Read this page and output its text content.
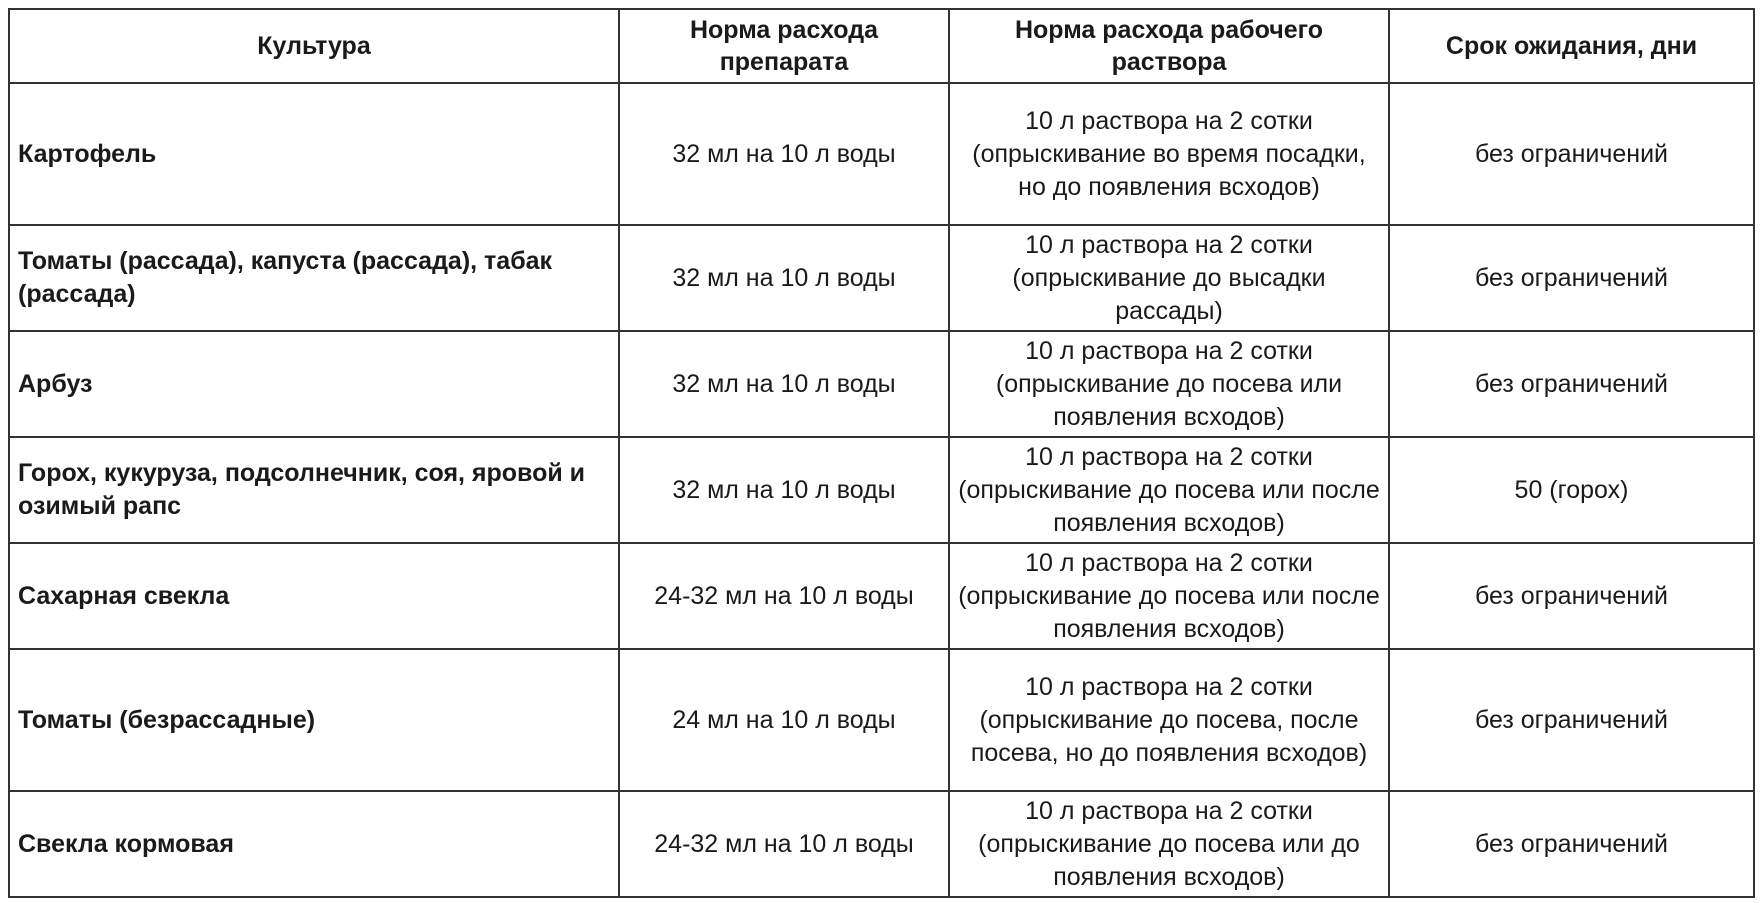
Культура	Норма расхода препарата	Норма расхода рабочего раствора	Срок ожидания, дни
Картофель	32 мл на 10 л воды	10 л раствора на 2 сотки (опрыскивание во время посадки, но до появления всходов)	без ограничений
Томаты (рассада), капуста (рассада), табак (рассада)	32 мл на 10 л воды	10 л раствора на 2 сотки (опрыскивание до высадки рассады)	без ограничений
Арбуз	32 мл на 10 л воды	10 л раствора на 2 сотки (опрыскивание до посева или появления всходов)	без ограничений
Горох, кукуруза, подсолнечник, соя, яровой и озимый рапс	32 мл на 10 л воды	10 л раствора на 2 сотки (опрыскивание до посева или после появления всходов)	50 (горох)
Сахарная свекла	24-32 мл на 10 л воды	10 л раствора на 2 сотки (опрыскивание до посева или после появления всходов)	без ограничений
Томаты (безрассадные)	24 мл на 10 л воды	10 л раствора на 2 сотки (опрыскивание до посева, после посева, но до появления всходов)	без ограничений
Свекла кормовая	24-32 мл на 10 л воды	10 л раствора на 2 сотки (опрыскивание до посева или до появления всходов)	без ограничений
